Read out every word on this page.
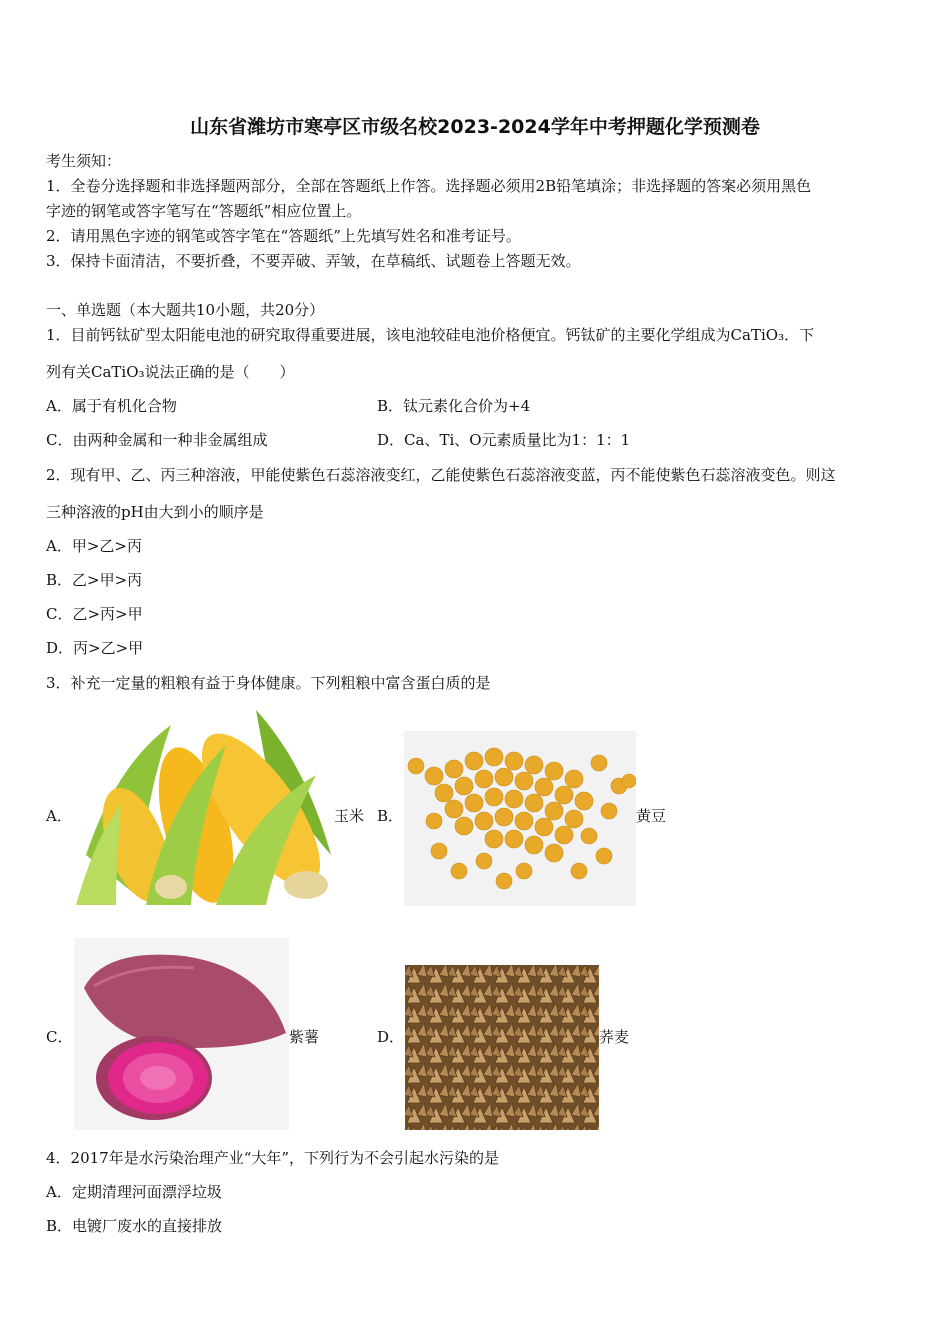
山东省潍坊市寒亭区市级名校2023-2024学年中考押题化学预测卷
考生须知：
1．全卷分选择题和非选择题两部分，全部在答题纸上作答。选择题必须用2B铅笔填涂；非选择题的答案必须用黑色
字迹的钢笔或答字笔写在“答题纸”相应位置上。
2．请用黑色字迹的钢笔或答字笔在“答题纸”上先填写姓名和准考证号。
3．保持卡面清洁，不要折叠，不要弄破、弄皱，在草稿纸、试题卷上答题无效。
一、单选题（本大题共10小题，共20分）
1．目前钙钛矿型太阳能电池的研究取得重要进展，该电池较硅电池价格便宜。钙钛矿的主要化学组成为CaTiO₃．下
列有关CaTiO₃说法正确的是（　　）
A．属于有机化合物	B．钛元素化合价为+4
C．由两种金属和一种非金属组成	D．Ca、Ti、O元素质量比为1：1：1
2．现有甲、乙、丙三种溶液，甲能使紫色石蕊溶液变红，乙能使紫色石蕊溶液变蓝，丙不能使紫色石蕊溶液变色。则这
三种溶液的pH由大到小的顺序是
A．甲>乙>丙
B．乙>甲>丙
C．乙>丙>甲
D．丙>乙>甲
3．补充一定量的粗粮有益于身体健康。下列粗粮中富含蛋白质的是
A．	玉米 B．	黄豆
C．	紫薯	D．	荞麦
4．2017年是水污染治理产业“大年”，下列行为不会引起水污染的是
A．定期清理河面漂浮垃圾
B．电镀厂废水的直接排放
